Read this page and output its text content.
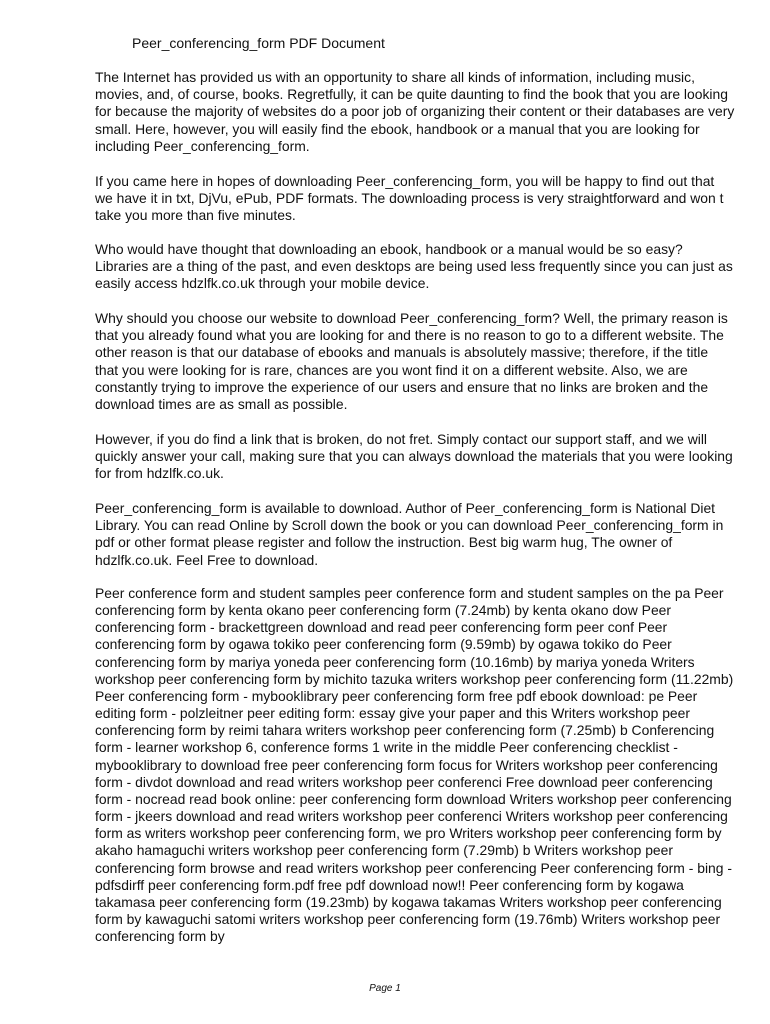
Peer_conferencing_form PDF Document

The Internet has provided us with an opportunity to share all kinds of information, including music, movies, and, of course, books. Regretfully, it can be quite daunting to find the book that you are looking for because the majority of websites do a poor job of organizing their content or their databases are very small. Here, however, you will easily find the ebook, handbook or a manual that you are looking for including Peer_conferencing_form.

If you came here in hopes of downloading Peer_conferencing_form, you will be happy to find out that we have it in txt, DjVu, ePub, PDF formats. The downloading process is very straightforward and won t take you more than five minutes.

Who would have thought that downloading an ebook, handbook or a manual would be so easy? Libraries are a thing of the past, and even desktops are being used less frequently since you can just as easily access hdzlfk.co.uk through your mobile device.

Why should you choose our website to download Peer_conferencing_form? Well, the primary reason is that you already found what you are looking for and there is no reason to go to a different website. The other reason is that our database of ebooks and manuals is absolutely massive; therefore, if the title that you were looking for is rare, chances are you wont find it on a different website. Also, we are constantly trying to improve the experience of our users and ensure that no links are broken and the download times are as small as possible.

However, if you do find a link that is broken, do not fret. Simply contact our support staff, and we will quickly answer your call, making sure that you can always download the materials that you were looking for from hdzlfk.co.uk.

Peer_conferencing_form is available to download. Author of Peer_conferencing_form is National Diet Library. You can read Online by Scroll down the book or you can download Peer_conferencing_form in pdf or other format please register and follow the instruction. Best big warm hug, The owner of hdzlfk.co.uk. Feel Free to download.

Peer conference form and student samples peer conference form and student samples on the pa Peer conferencing form by kenta okano peer conferencing form (7.24mb) by kenta okano dow Peer conferencing form - brackettgreen download and read peer conferencing form peer conf Peer conferencing form by ogawa tokiko peer conferencing form (9.59mb) by ogawa tokiko do Peer conferencing form by mariya yoneda peer conferencing form (10.16mb) by mariya yoneda Writers workshop peer conferencing form by michito tazuka writers workshop peer conferencing form (11.22mb) Peer conferencing form - mybooklibrary peer conferencing form free pdf ebook download: pe Peer editing form - polzleitner peer editing form: essay give your paper and this Writers workshop peer conferencing form by reimi tahara writers workshop peer conferencing form (7.25mb) b Conferencing form - learner workshop 6, conference forms 1 write in the middle Peer conferencing checklist - mybooklibrary to download free peer conferencing form focus for Writers workshop peer conferencing form - divdot download and read writers workshop peer conferenci Free download peer conferencing form - nocread read book online: peer conferencing form download Writers workshop peer conferencing form - jkeers download and read writers workshop peer conferenci Writers workshop peer conferencing form as writers workshop peer conferencing form, we pro Writers workshop peer conferencing form by akaho hamaguchi writers workshop peer conferencing form (7.29mb) b Writers workshop peer conferencing form browse and read writers workshop peer conferencing Peer conferencing form - bing - pdfsdirff peer conferencing form.pdf free pdf download now!! Peer conferencing form by kogawa takamasa peer conferencing form (19.23mb) by kogawa takamas Writers workshop peer conferencing form by kawaguchi satomi writers workshop peer conferencing form (19.76mb) Writers workshop peer conferencing form by

Page 1
